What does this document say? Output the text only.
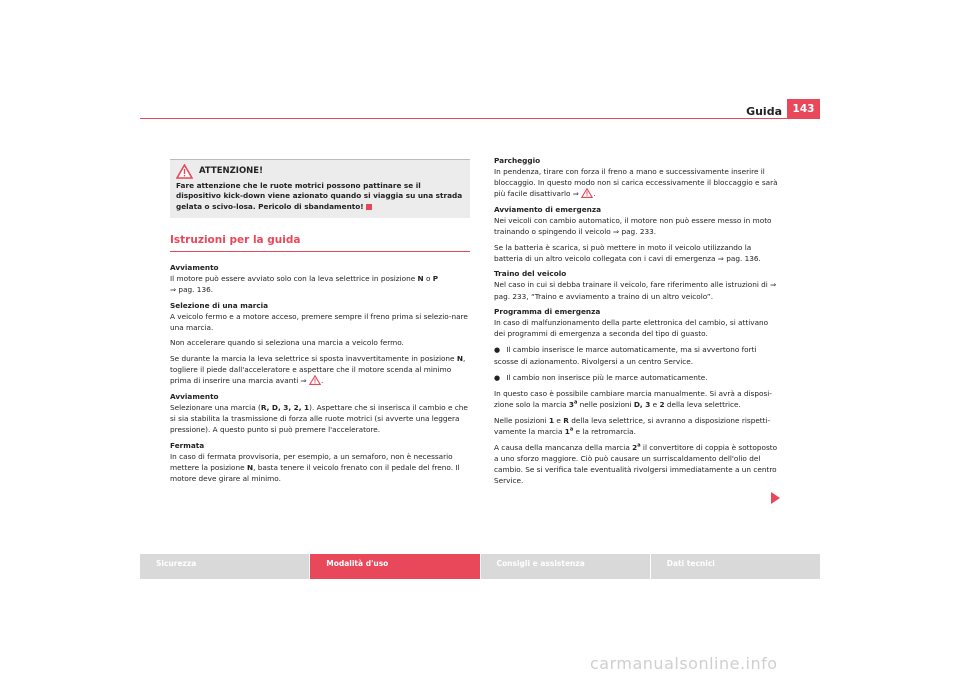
Guida	143
ATTENZIONE!
Fare attenzione che le ruote motrici possono pattinare se il dispositivo kick-down viene azionato quando si viaggia su una strada gelata o scivo-losa. Pericolo di sbandamento!
Istruzioni per la guida

Avviamento
Il motore può essere avviato solo con la leva selettrice in posizione N o P
⇒ pag. 136.

Selezione di una marcia
A veicolo fermo e a motore acceso, premere sempre il freno prima si selezio-nare una marcia.

Non accelerare quando si seleziona una marcia a veicolo fermo.

Se durante la marcia la leva selettrice si sposta inavvertitamente in posizione N, togliere il piede dall'acceleratore e aspettare che il motore scenda al minimo prima di inserire una marcia avanti ⇒ .

Avviamento
Selezionare una marcia (R, D, 3, 2, 1). Aspettare che si inserisca il cambio e che si sia stabilita la trasmissione di forza alle ruote motrici (si avverte una leggera pressione). A questo punto si può premere l'acceleratore.

Fermata
In caso di fermata provvisoria, per esempio, a un semaforo, non è necessario mettere la posizione N, basta tenere il veicolo frenato con il pedale del freno. Il motore deve girare al minimo.

Parcheggio
In pendenza, tirare con forza il freno a mano e successivamente inserire il bloccaggio. In questo modo non si carica eccessivamente il bloccaggio e sarà più facile disattivarlo ⇒ .

Avviamento di emergenza
Nei veicoli con cambio automatico, il motore non può essere messo in moto trainando o spingendo il veicolo ⇒ pag. 233.

Se la batteria è scarica, si può mettere in moto il veicolo utilizzando la batteria di un altro veicolo collegata con i cavi di emergenza ⇒ pag. 136.

Traino del veicolo
Nel caso in cui si debba trainare il veicolo, fare riferimento alle istruzioni di ⇒ pag. 233, “Traino e avviamento a traino di un altro veicolo”.

Programma di emergenza
In caso di malfunzionamento della parte elettronica del cambio, si attivano dei programmi di emergenza a seconda del tipo di guasto.

● Il cambio inserisce le marce automaticamente, ma si avvertono forti scosse di azionamento. Rivolgersi a un centro Service.

● Il cambio non inserisce più le marce automaticamente.

In questo caso è possibile cambiare marcia manualmente. Si avrà a disposi-zione solo la marcia 3$^a$ nelle posizioni D, 3 e 2 della leva selettrice.

Nelle posizioni 1 e R della leva selettrice, si avranno a disposizione rispetti-vamente la marcia 1$^a$ e la retromarcia.

A causa della mancanza della marcia 2$^a$ il convertitore di coppia è sottoposto a uno sforzo maggiore. Ciò può causare un surriscaldamento dell'olio del cambio. Se si verifica tale eventualità rivolgersi immediatamente a un centro Service.

Sicurezza	Modalità d'uso	Consigli e assistenza	Dati tecnici
carmanualsonline.info
